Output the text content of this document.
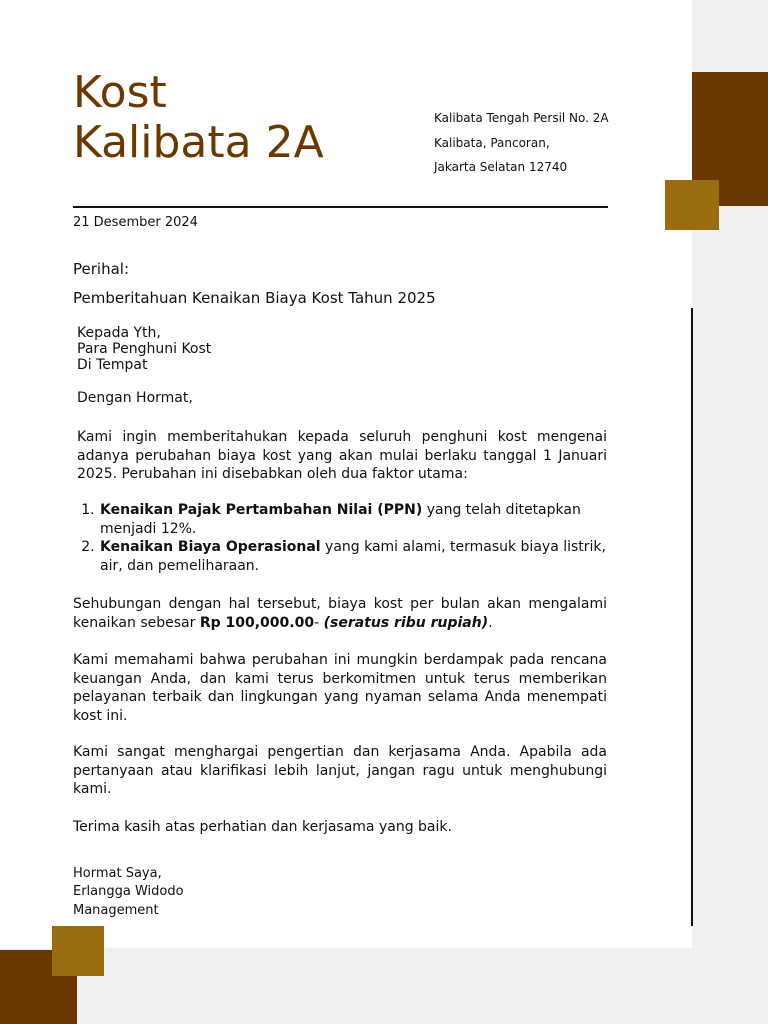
Kost
Kalibata 2A	Kalibata Tengah Persil No. 2A
Kalibata, Pancoran,
Jakarta Selatan 12740
21 Desember 2024
Perihal:
Pemberitahuan Kenaikan Biaya Kost Tahun 2025
Kepada Yth,
Para Penghuni Kost
Di Tempat
Dengan Hormat,
Kami ingin memberitahukan kepada seluruh penghuni kost mengenai adanya perubahan biaya kost yang akan mulai berlaku tanggal 1 Januari 2025. Perubahan ini disebabkan oleh dua faktor utama:
1. Kenaikan Pajak Pertambahan Nilai (PPN) yang telah ditetapkan menjadi 12%.
2. Kenaikan Biaya Operasional yang kami alami, termasuk biaya listrik, air, dan pemeliharaan.
Sehubungan dengan hal tersebut, biaya kost per bulan akan mengalami kenaikan sebesar Rp 100,000.00- (seratus ribu rupiah).
Kami memahami bahwa perubahan ini mungkin berdampak pada rencana keuangan Anda, dan kami terus berkomitmen untuk terus memberikan pelayanan terbaik dan lingkungan yang nyaman selama Anda menempati kost ini.
Kami sangat menghargai pengertian dan kerjasama Anda. Apabila ada pertanyaan atau klarifikasi lebih lanjut, jangan ragu untuk menghubungi kami.
Terima kasih atas perhatian dan kerjasama yang baik.
Hormat Saya,
Erlangga Widodo
Management
